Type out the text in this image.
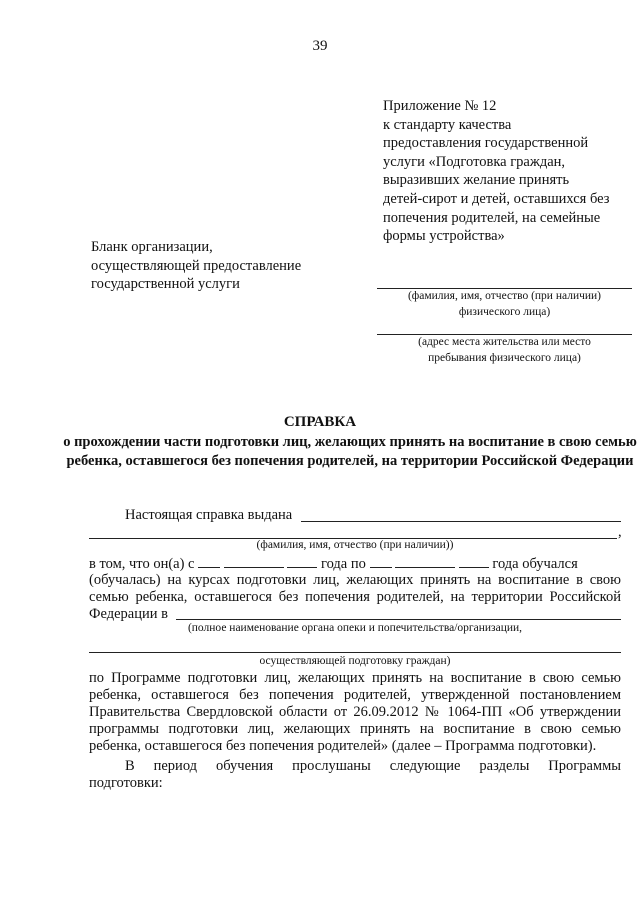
39
Приложение № 12
к стандарту качества
предоставления государственной
услуги «Подготовка граждан,
выразивших желание принять
детей-сирот и детей, оставшихся без
попечения родителей, на семейные
формы устройства»
Бланк организации,
осуществляющей предоставление
государственной услуги
(фамилия, имя, отчество (при наличии)
физического лица)
(адрес места жительства или место
пребывания физического лица)
СПРАВКА
о прохождении части подготовки лиц, желающих принять на воспитание в свою семью ребенка, оставшегося без попечения родителей, на территории Российской Федерации
Настоящая справка выдана
,
(фамилия, имя, отчество (при наличии))
в том, что он(а) с	года по	года обучался
(обучалась) на курсах подготовки лиц, желающих принять на воспитание в свою
семью ребенка, оставшегося без попечения родителей, на территории Российской
Федерации в
(полное наименование органа опеки и попечительства/организации,
осуществляющей подготовку граждан)
по Программе подготовки лиц, желающих принять на воспитание в свою семью
ребенка, оставшегося без попечения родителей, утвержденной постановлением
Правительства Свердловской области от 26.09.2012 № 1064-ПП «Об утверждении
программы подготовки лиц, желающих принять на воспитание в свою семью
ребенка, оставшегося без попечения родителей» (далее – Программа подготовки).
В период обучения прослушаны следующие разделы Программы
подготовки:
